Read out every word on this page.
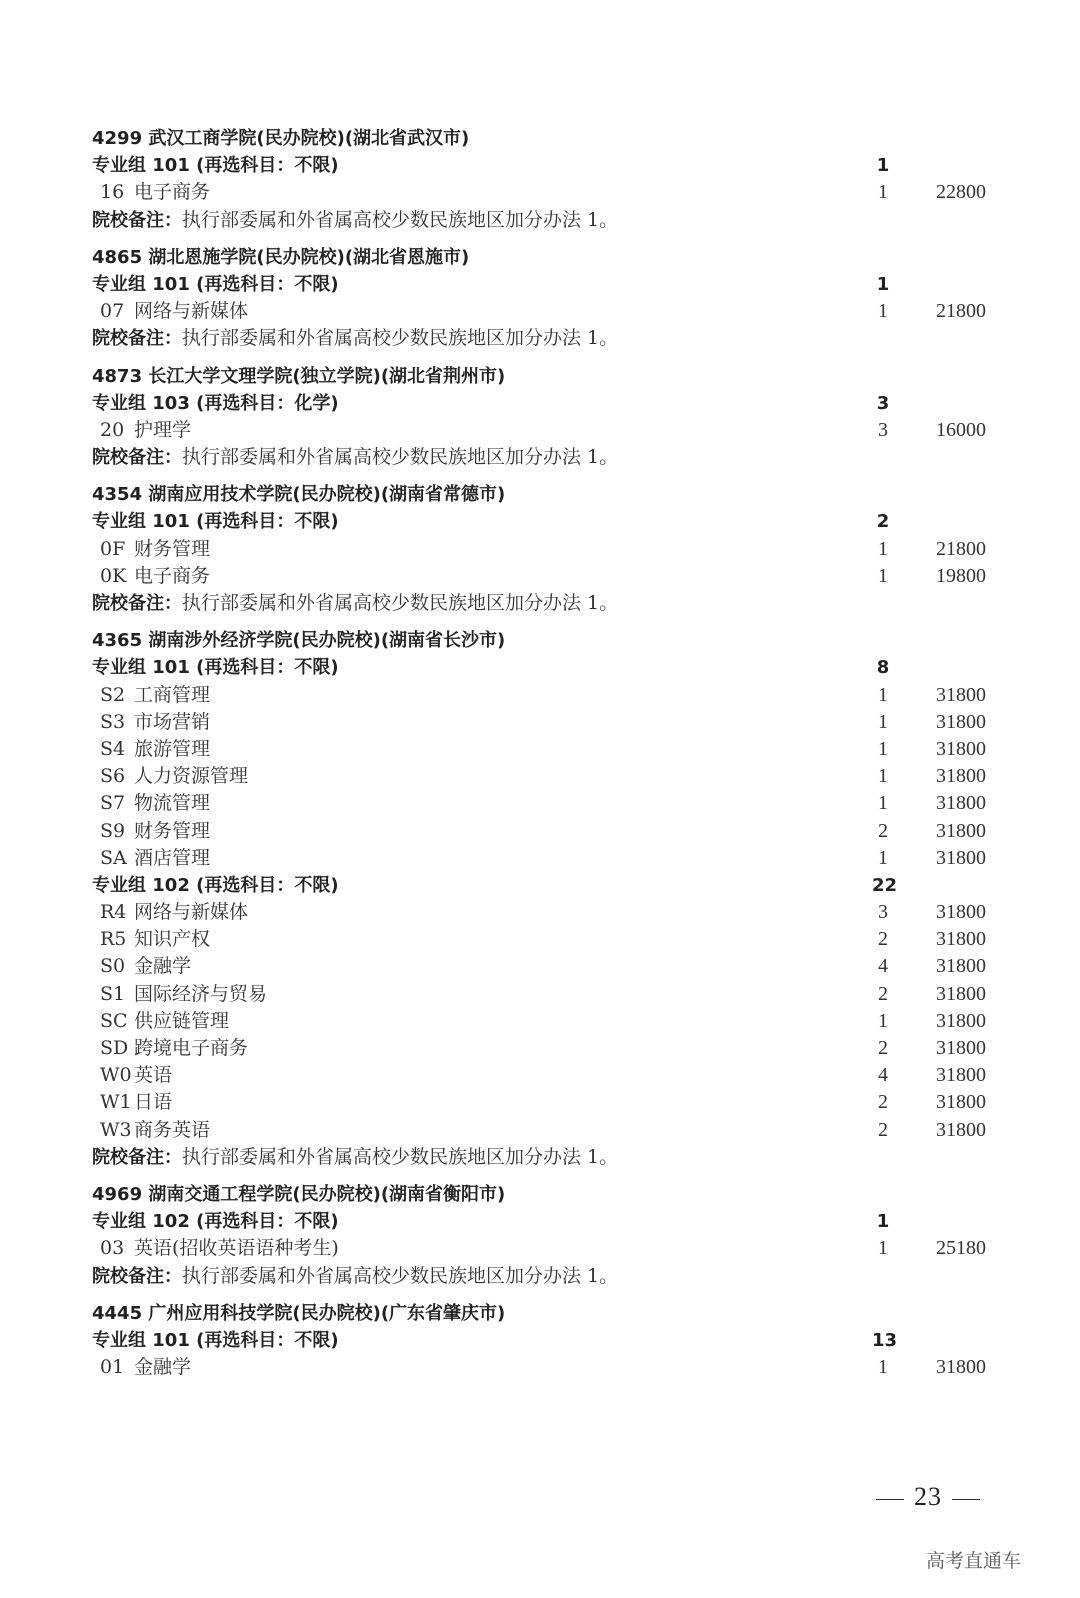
4299 武汉工商学院(民办院校)(湖北省武汉市)
专业组 101 (再选科目：不限)	1
16 电子商务	1	22800
院校备注：执行部委属和外省属高校少数民族地区加分办法 1。
4865 湖北恩施学院(民办院校)(湖北省恩施市)
专业组 101 (再选科目：不限)	1
07 网络与新媒体	1	21800
院校备注：执行部委属和外省属高校少数民族地区加分办法 1。
4873 长江大学文理学院(独立学院)(湖北省荆州市)
专业组 103 (再选科目：化学)	3
20 护理学	3	16000
院校备注：执行部委属和外省属高校少数民族地区加分办法 1。
4354 湖南应用技术学院(民办院校)(湖南省常德市)
专业组 101 (再选科目：不限)	2
0F 财务管理	1	21800
0K 电子商务	1	19800
院校备注：执行部委属和外省属高校少数民族地区加分办法 1。
4365 湖南涉外经济学院(民办院校)(湖南省长沙市)
专业组 101 (再选科目：不限)	8
S2 工商管理	1	31800
S3 市场营销	1	31800
S4 旅游管理	1	31800
S6 人力资源管理	1	31800
S7 物流管理	1	31800
S9 财务管理	2	31800
SA 酒店管理	1	31800
专业组 102 (再选科目：不限)	22
R4 网络与新媒体	3	31800
R5 知识产权	2	31800
S0 金融学	4	31800
S1 国际经济与贸易	2	31800
SC 供应链管理	1	31800
SD 跨境电子商务	2	31800
W0 英语	4	31800
W1 日语	2	31800
W3 商务英语	2	31800
院校备注：执行部委属和外省属高校少数民族地区加分办法 1。
4969 湖南交通工程学院(民办院校)(湖南省衡阳市)
专业组 102 (再选科目：不限)	1
03 英语(招收英语语种考生)	1	25180
院校备注：执行部委属和外省属高校少数民族地区加分办法 1。
4445 广州应用科技学院(民办院校)(广东省肇庆市)
专业组 101 (再选科目：不限)	13
01 金融学	1	31800
23
高考直通车
